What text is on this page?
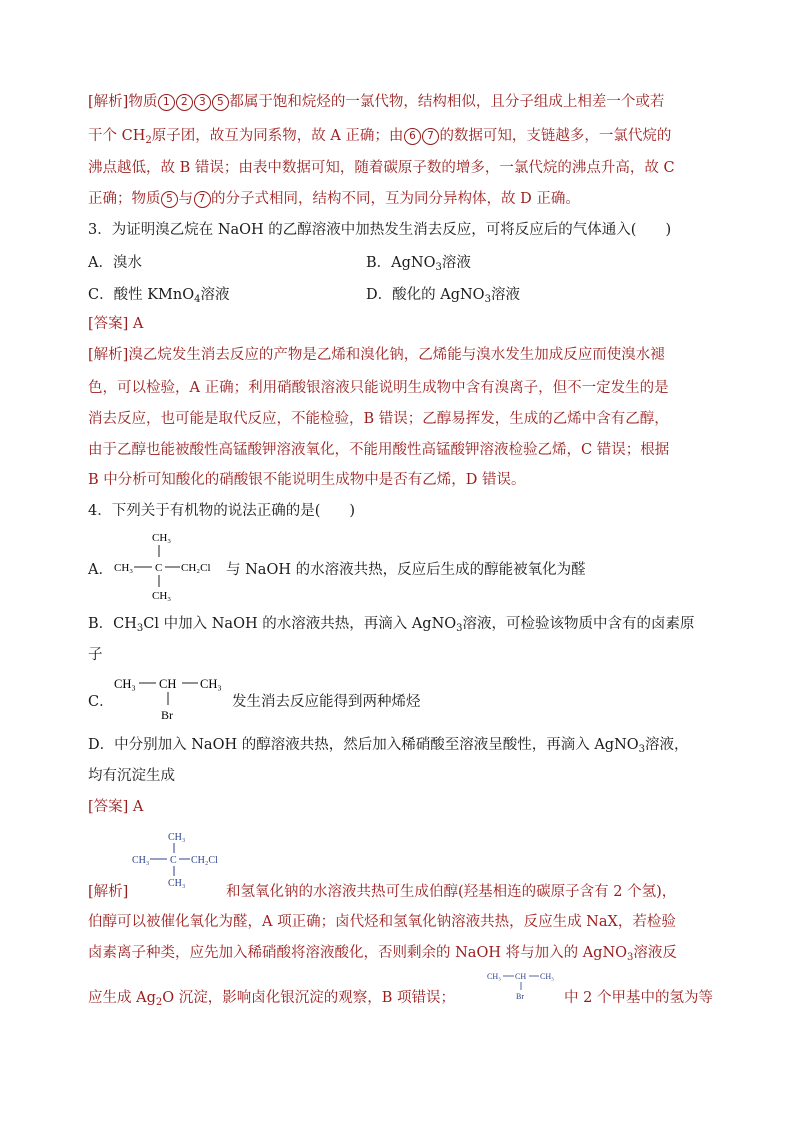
[解析]物质 1 2 3 5 都属于饱和烷烃的一氯代物，结构相似，且分子组成上相差一个或若
干个 $CH_2$原子团，故互为同系物，故 A 正确；由 6 7 的数据可知，支链越多，一氯代烷的
沸点越低，故 B 错误；由表中数据可知，随着碳原子数的增多，一氯代烷的沸点升高，故 C
正确；物质 5 与 7 的分子式相同，结构不同，互为同分异构体，故 D 正确。
3．为证明溴乙烷在 NaOH 的乙醇溶液中加热发生消去反应，可将反应后的气体通入(　　)
A．溴水	B．AgNO$_3$溶液
C．酸性 KMnO$_4$溶液	D．酸化的 AgNO$_3$溶液
[答案] A
[解析]溴乙烷发生消去反应的产物是乙烯和溴化钠，乙烯能与溴水发生加成反应而使溴水褪
色，可以检验，A 正确；利用硝酸银溶液只能说明生成物中含有溴离子，但不一定发生的是
消去反应，也可能是取代反应，不能检验，B 错误；乙醇易挥发，生成的乙烯中含有乙醇，
由于乙醇也能被酸性高锰酸钾溶液氧化，不能用酸性高锰酸钾溶液检验乙烯，C 错误；根据
B 中分析可知酸化的硝酸银不能说明生成物中是否有乙烯，D 错误。
4．下列关于有机物的说法正确的是(　　)
A．
CH₃
CH₃ C CH₂Cl
CH₃
与 NaOH 的水溶液共热，反应后生成的醇能被氧化为醛
B．$CH_3Cl$ 中加入 NaOH 的水溶液共热，再滴入 AgNO$_3$溶液，可检验该物质中含有的卤素原
子
C．
CH₃ CH CH₃
Br
发生消去反应能得到两种烯烃
D．中分别加入 NaOH 的醇溶液共热，然后加入稀硝酸至溶液呈酸性，再滴入 AgNO$_3$溶液，
均有沉淀生成
[答案] A
CH₃
CH₃ C CH₂Cl
CH₃
[解析]	和氢氧化钠的水溶液共热可生成伯醇(羟基相连的碳原子含有 2 个氢)，
伯醇可以被催化氧化为醛，A 项正确；卤代烃和氢氧化钠溶液共热，反应生成 NaX，若检验
卤素离子种类，应先加入稀硝酸将溶液酸化，否则剩余的 NaOH 将与加入的 AgNO$_3$溶液反
应生成 $Ag_2O$ 沉淀，影响卤化银沉淀的观察，B 项错误；
CH₃ CH CH₃
Br	中 2 个甲基中的氢为等
